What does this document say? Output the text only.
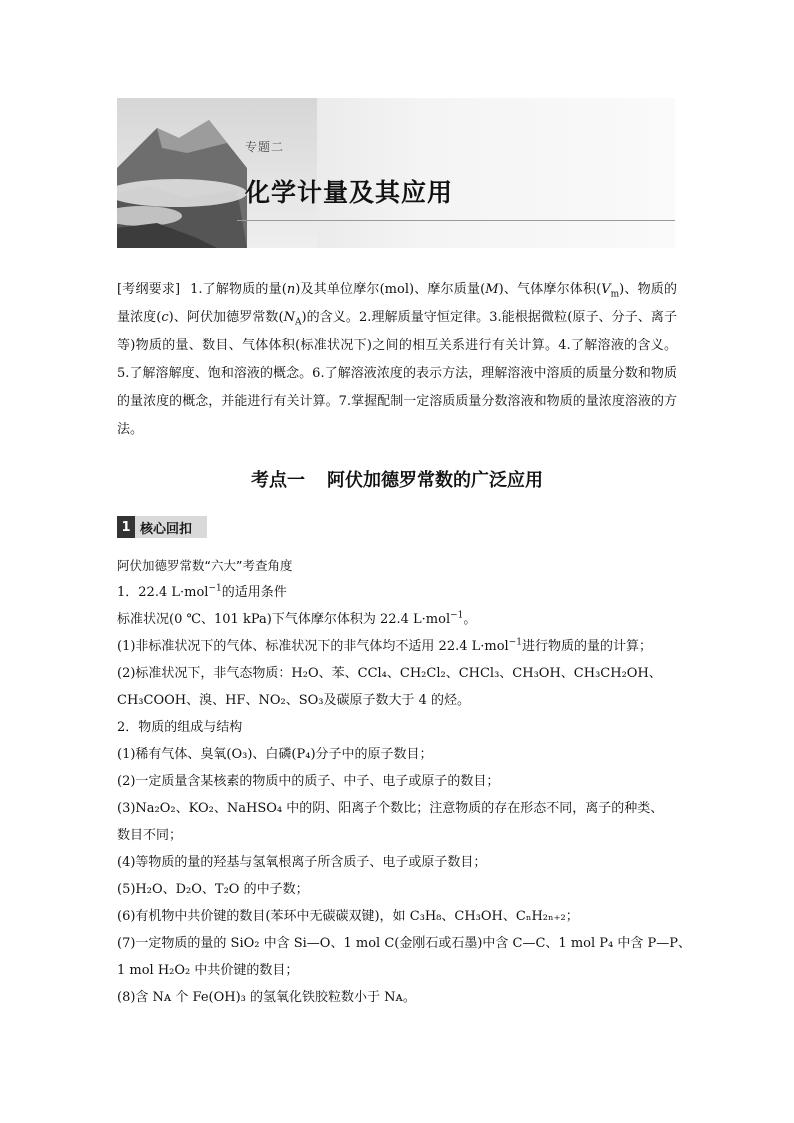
专题二
化学计量及其应用
[考纲要求] 1.了解物质的量(n)及其单位摩尔(mol)、摩尔质量(M)、气体摩尔体积$(V_m)$、物质的量浓度(c)、阿伏加德罗常数$(N_A)$的含义。2.理解质量守恒定律。3.能根据微粒(原子、分子、离子等)物质的量、数目、气体体积(标准状况下)之间的相互关系进行有关计算。4.了解溶液的含义。5.了解溶解度、饱和溶液的概念。6.了解溶液浓度的表示方法，理解溶液中溶质的质量分数和物质的量浓度的概念，并能进行有关计算。7.掌握配制一定溶质质量分数溶液和物质的量浓度溶液的方法。
考点一 阿伏加德罗常数的广泛应用
1 核心回扣

阿伏加德罗常数“六大”考查角度

1．22.4 L·mol$^{-1}$的适用条件

标准状况(0 ℃、101 kPa)下气体摩尔体积为 22.4 L·mol$^{-1}$。

(1)非标准状况下的气体、标准状况下的非气体均不适用 22.4 L·mol$^{-1}$进行物质的量的计算；

(2)标准状况下，非气态物质：H₂O、苯、CCl₄、CH₂Cl₂、CHCl₃、CH₃OH、CH₃CH₂OH、

CH₃COOH、溴、HF、NO₂、SO₃及碳原子数大于 4 的烃。

2．物质的组成与结构

(1)稀有气体、臭氧(O₃)、白磷(P₄)分子中的原子数目；

(2)一定质量含某核素的物质中的质子、中子、电子或原子的数目；

(3)Na₂O₂、KO₂、NaHSO₄ 中的阴、阳离子个数比；注意物质的存在形态不同，离子的种类、

数目不同；

(4)等物质的量的羟基与氢氧根离子所含质子、电子或原子数目；

(5)H₂O、D₂O、T₂O 的中子数；

(6)有机物中共价键的数目(苯环中无碳碳双键)，如 C₃H₈、CH₃OH、CₙH₂ₙ₊₂；

(7)一定物质的量的 SiO₂ 中含 Si—O、1 mol C(金刚石或石墨)中含 C—C、1 mol P₄ 中含 P—P、

1 mol H₂O₂ 中共价键的数目；

(8)含 Nᴀ 个 Fe(OH)₃ 的氢氧化铁胶粒数小于 Nᴀ。
